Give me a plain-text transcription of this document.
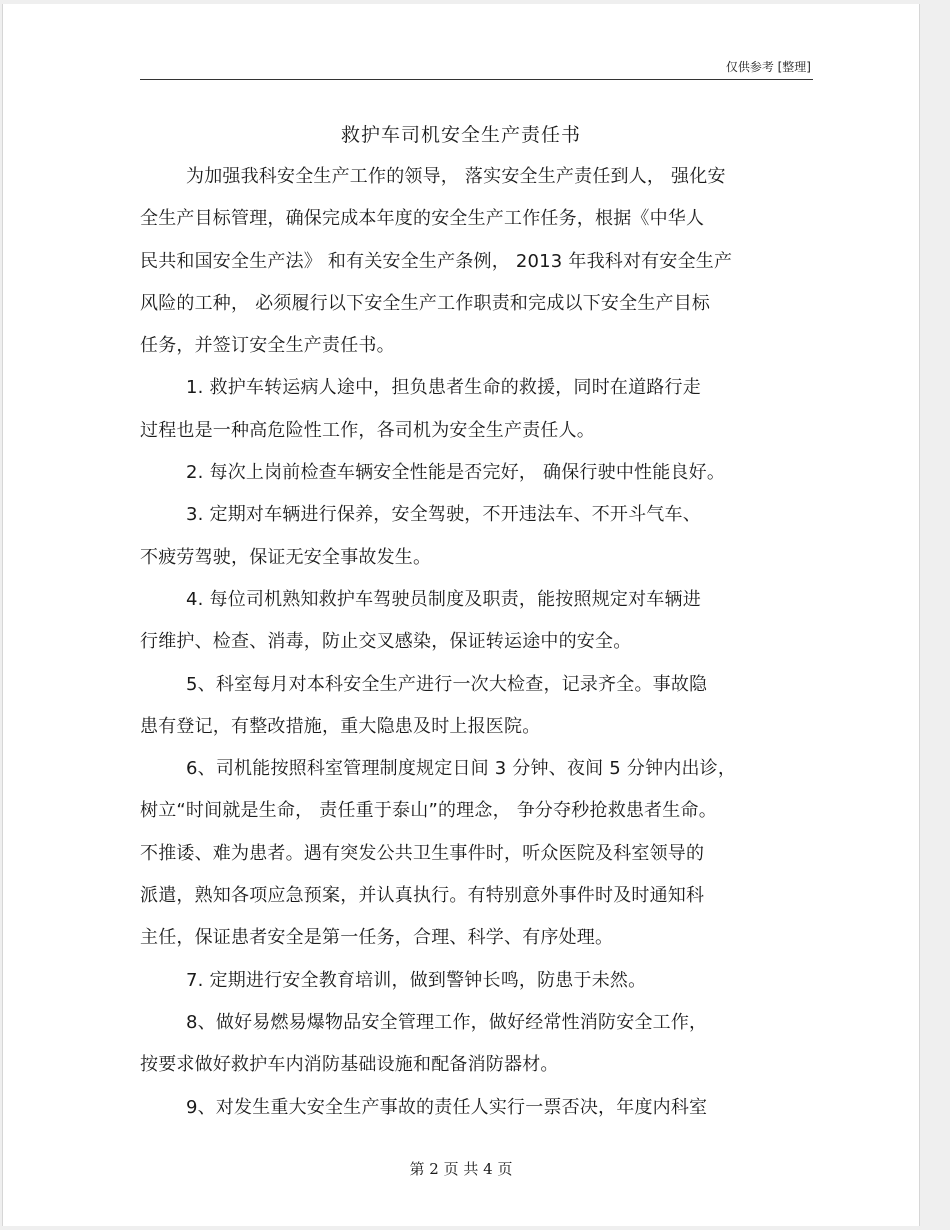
仅供参考 [整理]
救护车司机安全生产责任书
为加强我科安全生产工作的领导， 落实安全生产责任到人， 强化安
全生产目标管理，确保完成本年度的安全生产工作任务，根据《中华人
民共和国安全生产法》 和有关安全生产条例， 2013 年我科对有安全生产
风险的工种， 必须履行以下安全生产工作职责和完成以下安全生产目标
任务，并签订安全生产责任书。
1. 救护车转运病人途中，担负患者生命的救援，同时在道路行走
过程也是一种高危险性工作，各司机为安全生产责任人。
2. 每次上岗前检查车辆安全性能是否完好， 确保行驶中性能良好。
3. 定期对车辆进行保养，安全驾驶，不开违法车、不开斗气车、
不疲劳驾驶，保证无安全事故发生。
4. 每位司机熟知救护车驾驶员制度及职责，能按照规定对车辆进
行维护、检查、消毒，防止交叉感染，保证转运途中的安全。
5、科室每月对本科安全生产进行一次大检查，记录齐全。事故隐
患有登记，有整改措施，重大隐患及时上报医院。
6、司机能按照科室管理制度规定日间 3 分钟、夜间 5 分钟内出诊，
树立“时间就是生命， 责任重于泰山”的理念， 争分夺秒抢救患者生命。
不推诿、难为患者。遇有突发公共卫生事件时，听众医院及科室领导的
派遣，熟知各项应急预案，并认真执行。有特别意外事件时及时通知科
主任，保证患者安全是第一任务，合理、科学、有序处理。
7. 定期进行安全教育培训，做到警钟长鸣，防患于未然。
8、做好易燃易爆物品安全管理工作，做好经常性消防安全工作，
按要求做好救护车内消防基础设施和配备消防器材。
9、对发生重大安全生产事故的责任人实行一票否决，年度内科室
第 2 页 共 4 页
